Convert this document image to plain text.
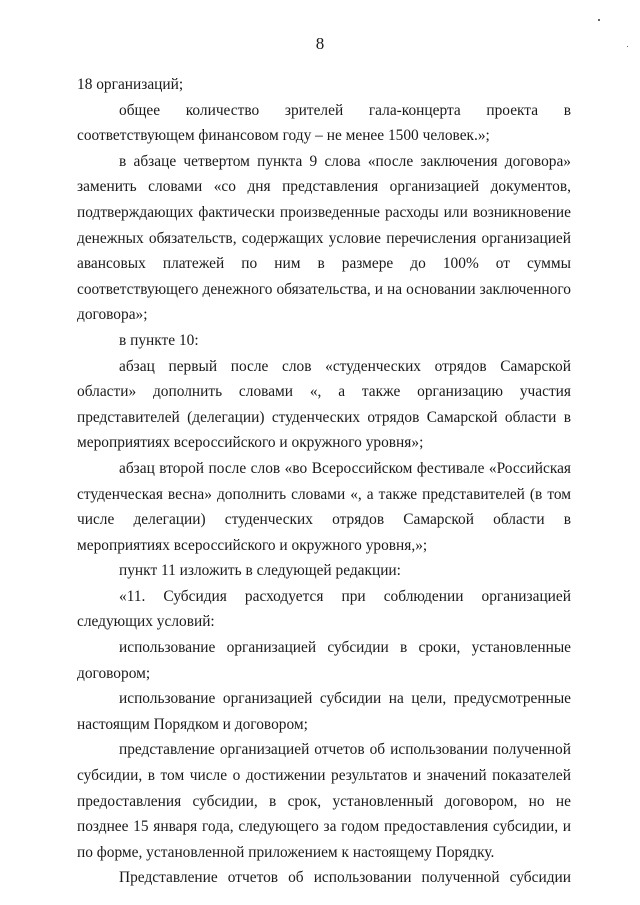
8

18 организаций;

общее количество зрителей гала-концерта проекта в соответствующем финансовом году – не менее 1500 человек.»;

в абзаце четвертом пункта 9 слова «после заключения договора» заменить словами «со дня представления организацией документов, подтверждающих фактически произведенные расходы или возникновение денежных обязательств, содержащих условие перечисления организацией авансовых платежей по ним в размере до 100% от суммы соответствующего денежного обязательства, и на основании заключенного договора»;

в пункте 10:

абзац первый после слов «студенческих отрядов Самарской области» дополнить словами «, а также организацию участия представителей (делегации) студенческих отрядов Самарской области в мероприятиях всероссийского и окружного уровня»;

абзац второй после слов «во Всероссийском фестивале «Российская студенческая весна» дополнить словами «, а также представителей (в том числе делегации) студенческих отрядов Самарской области в мероприятиях всероссийского и окружного уровня,»;

пункт 11 изложить в следующей редакции:

«11. Субсидия расходуется при соблюдении организацией следующих условий:

использование организацией субсидии в сроки, установленные договором;

использование организацией субсидии на цели, предусмотренные настоящим Порядком и договором;

представление организацией отчетов об использовании полученной субсидии, в том числе о достижении результатов и значений показателей предоставления субсидии, в срок, установленный договором, но не позднее 15 января года, следующего за годом предоставления субсидии, и по форме, установленной приложением к настоящему Порядку.

Представление отчетов об использовании полученной субсидии
